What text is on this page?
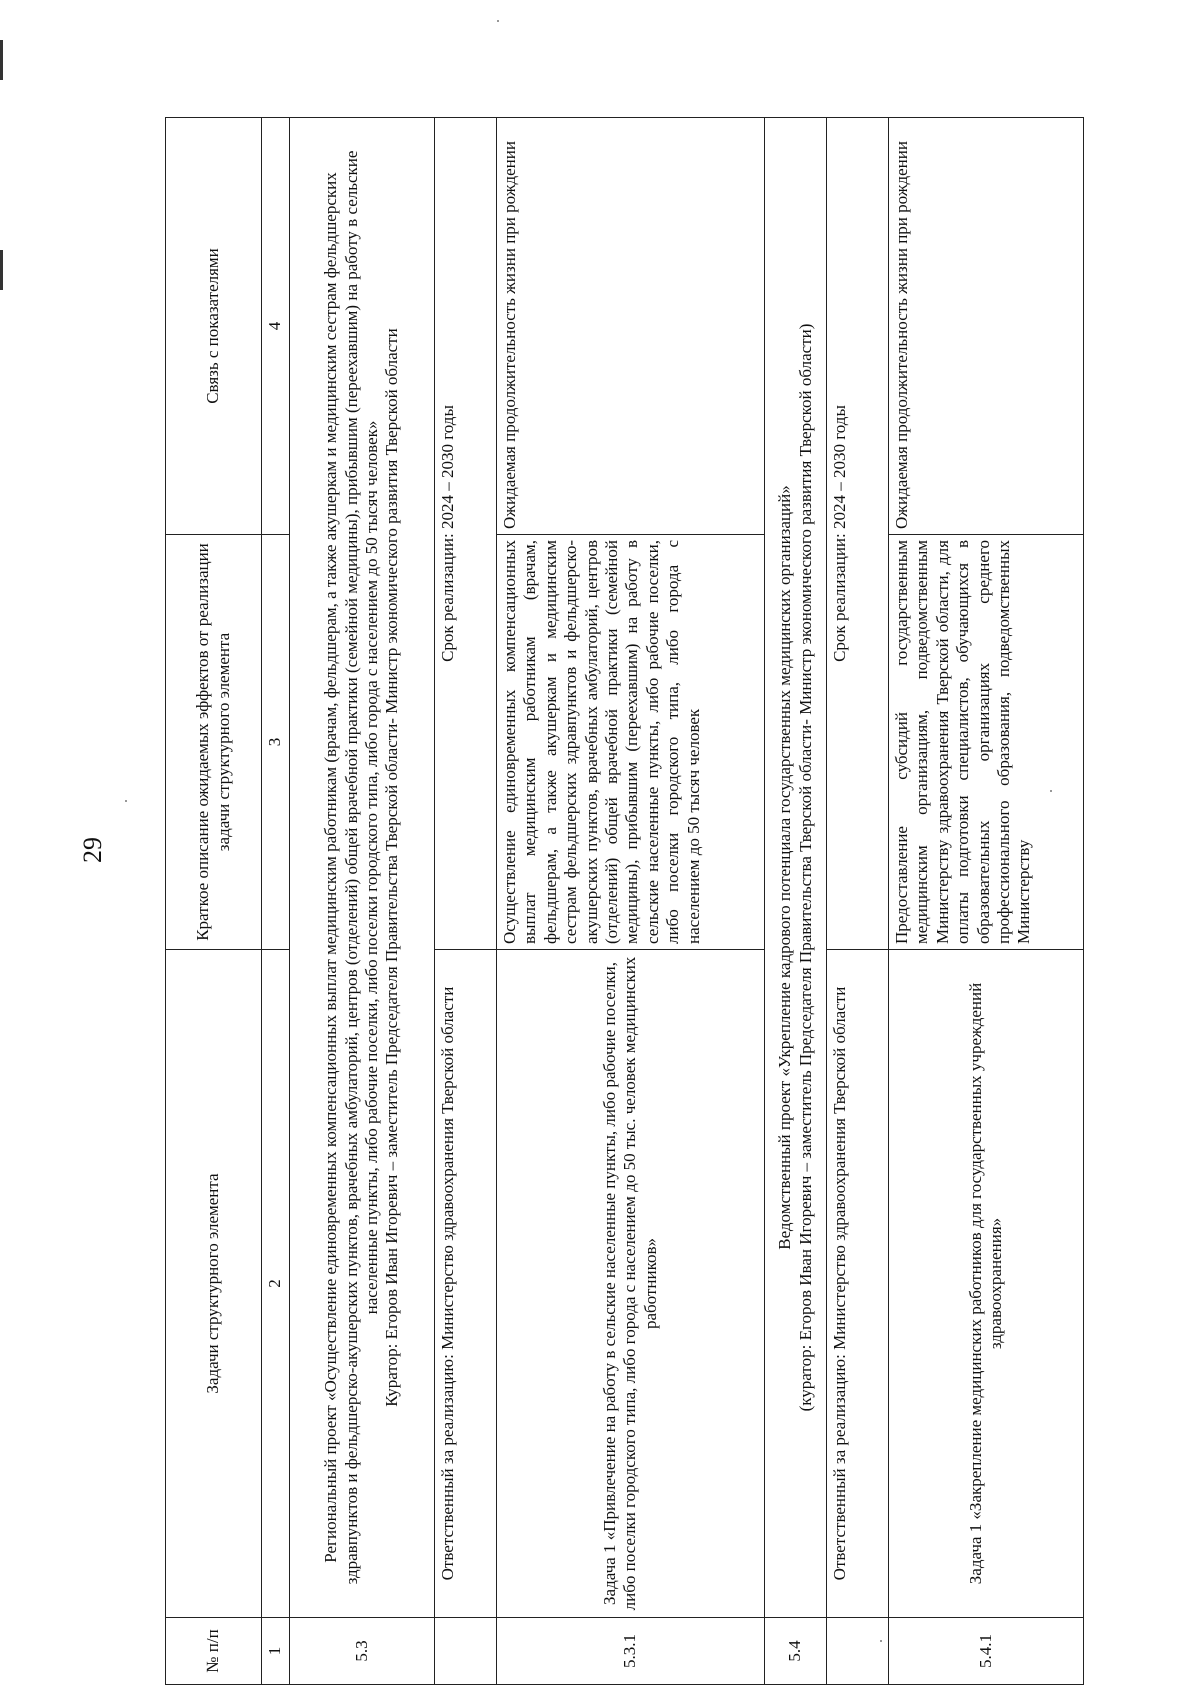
29
№ п/п	Задачи структурного элемента	Краткое описание ожидаемых эффектов от реализации задачи структурного элемента	Связь с показателями
1	2	3	4
5.3	Региональный проект «Осуществление единовременных компенсационных выплат медицинским работникам (врачам, фельдшерам, а также акушеркам и медицинским сестрам фельдшерских здравпунктов и фельдшерско-акушерских пунктов, врачебных амбулаторий, центров (отделений) общей врачебной практики (семейной медицины), прибывшим (переехавшим) на работу в сельские населенные пункты, либо рабочие поселки, либо поселки городского типа, либо города с населением до 50 тысяч человек» Куратор: Егоров Иван Игоревич – заместитель Председателя Правительства Тверской области- Министр экономического развития Тверской области		

	Ответственный за реализацию: Министерство здравоохранения Тверской области	Срок реализации: 2024 – 2030 годы	
5.3.1	Задача 1 «Привлечение на работу в сельские населенные пункты, либо рабочие поселки, либо поселки городского типа, либо города с населением до 50 тыс. человек медицинских работников»	Осуществление единовременных компенсационных выплат медицинским работникам (врачам, фельдшерам, а также акушеркам и медицинским сестрам фельдшерских здравпунктов и фельдшерско-акушерских пунктов, врачебных амбулаторий, центров (отделений) общей врачебной практики (семейной медицины), прибывшим (переехавшим) на работу в сельские населенные пункты, либо рабочие поселки, либо поселки городского типа, либо города с населением до 50 тысяч человек	Ожидаемая продолжительность жизни при рождении
5.4	Ведомственный проект «Укрепление кадрового потенциала государственных медицинских организаций» (куратор: Егоров Иван Игоревич – заместитель Председателя Правительства Тверской области- Министр экономического развития Тверской области)		

	Ответственный за реализацию: Министерство здравоохранения Тверской области	Срок реализации: 2024 – 2030 годы	
5.4.1	Задача 1 «Закрепление медицинских работников для государственных учреждений здравоохранения»	Предоставление субсидий государственным медицинским организациям, подведомственным Министерству здравоохранения Тверской области, для оплаты подготовки специалистов, обучающихся в образовательных организациях среднего профессионального образования, подведомственных Министерству	Ожидаемая продолжительность жизни при рождении
